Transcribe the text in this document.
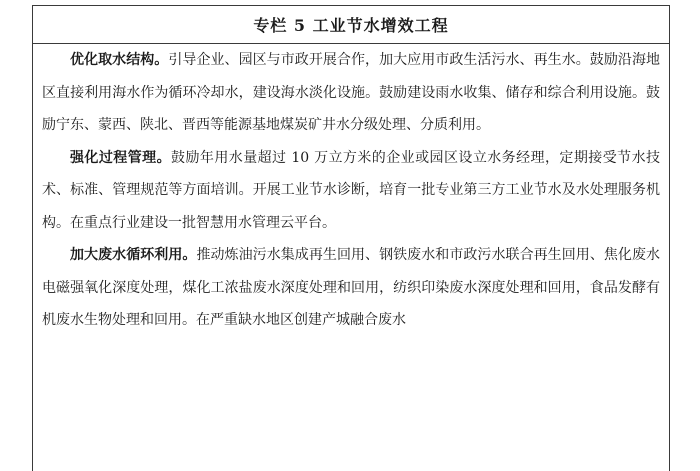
专栏 5 工业节水增效工程

优化取水结构。引导企业、园区与市政开展合作，加大应用市政生活污水、再生水。鼓励沿海地区直接利用海水作为循环冷却水，建设海水淡化设施。鼓励建设雨水收集、储存和综合利用设施。鼓励宁东、蒙西、陕北、晋西等能源基地煤炭矿井水分级处理、分质利用。

强化过程管理。鼓励年用水量超过 10 万立方米的企业或园区设立水务经理，定期接受节水技术、标准、管理规范等方面培训。开展工业节水诊断，培育一批专业第三方工业节水及水处理服务机构。在重点行业建设一批智慧用水管理云平台。

加大废水循环利用。推动炼油污水集成再生回用、钢铁废水和市政污水联合再生回用、焦化废水电磁强氧化深度处理，煤化工浓盐废水深度处理和回用，纺织印染废水深度处理和回用，食品发酵有机废水生物处理和回用。在严重缺水地区创建产城融合废水
